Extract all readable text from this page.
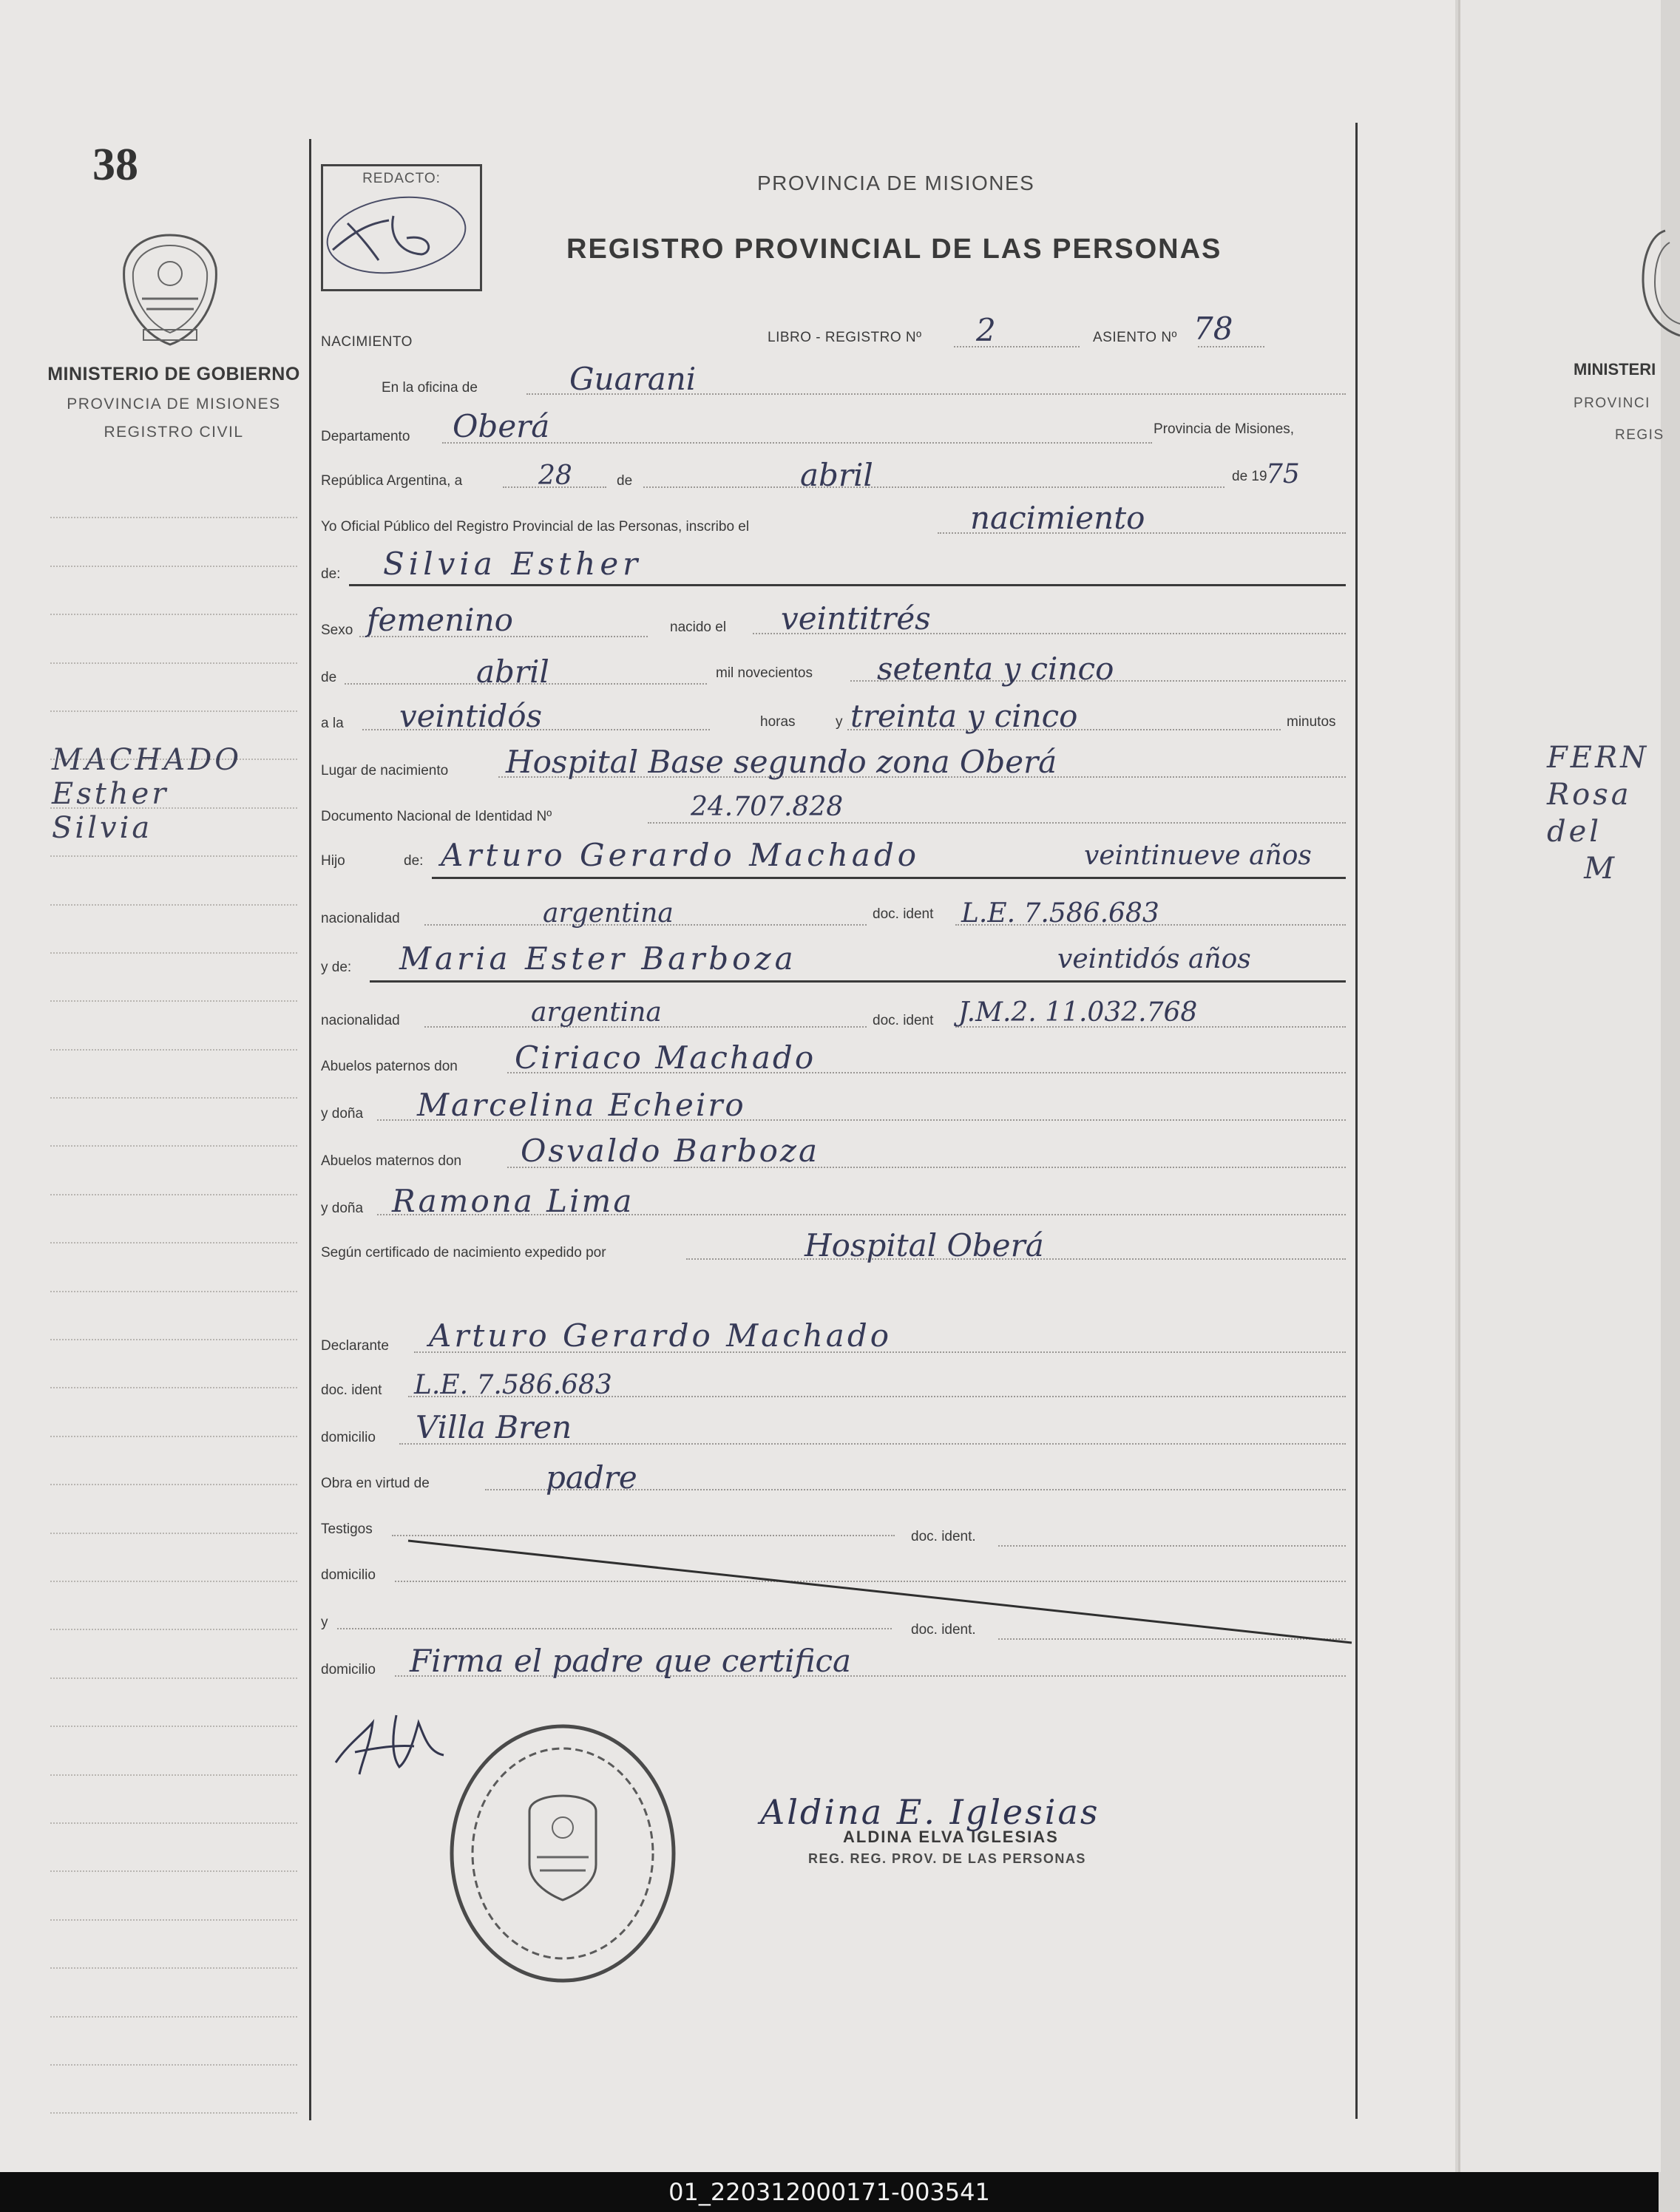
38
MINISTERIO DE GOBIERNO
PROVINCIA DE MISIONES
REGISTRO CIVIL
MACHADO
Esther
Silvia
REDACTO:	PROVINCIA DE MISIONES
REGISTRO PROVINCIAL DE LAS PERSONAS
NACIMIENTO	LIBRO - REGISTRO Nº 2	ASIENTO Nº 78
En la oficina de	Guarani
Departamento Oberá	Provincia de Misiones,
República Argentina, a	28	de	abril	de 19
75
Yo Oficial Público del Registro Provincial de las Personas, inscribo el	nacimiento
de: Silvia Esther
Sexo femenino	nacido el veintitrés
de	abril	mil novecientos setenta y cinco
a la veintidós	horas	y treinta y cinco	minutos
Lugar de nacimiento Hospital Base segundo zona Oberá
Documento Nacional de Identidad Nº	24.707.828
Hijo	de: Arturo Gerardo Machado	veintinueve años
nacionalidad	argentina	doc. ident L.E. 7.586.683
y de: Maria Ester Barboza	veintidós años
nacionalidad	argentina	doc. ident J.M.2. 11.032.768
Abuelos paternos don Ciriaco Machado
y doña Marcelina Echeiro
Abuelos maternos don Osvaldo Barboza
y doña Ramona Lima
Según certificado de nacimiento expedido por	Hospital Oberá
Declarante Arturo Gerardo Machado
doc. ident L.E. 7.586.683
domicilio Villa Bren
Obra en virtud de	padre
Testigos	doc. ident.
domicilio
y	doc. ident.
domicilio Firma el padre que certifica
Aldina E. Iglesias
ALDINA ELVA IGLESIAS
REG. REG. PROV. DE LAS PERSONAS
MINISTERI
PROVINCI
REGIS
FERN
Rosa
del
M
01_220312000171-003541
